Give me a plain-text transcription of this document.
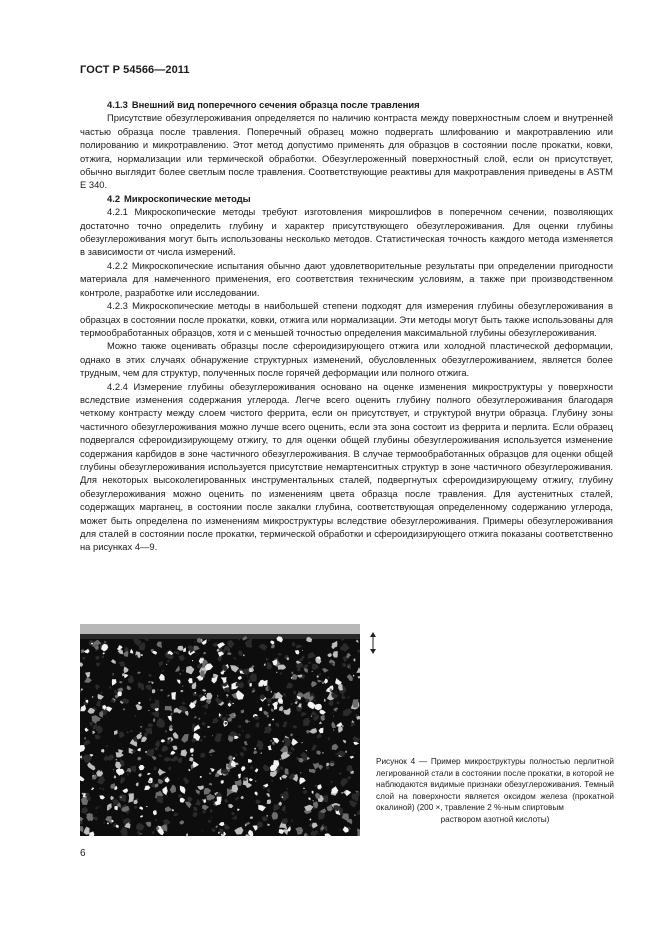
ГОСТ Р 54566—2011
4.1.3 Внешний вид поперечного сечения образца после травления

Присутствие обезуглероживания определяется по наличию контраста между поверхностным слоем и внутренней частью образца после травления. Поперечный образец можно подвергать шлифованию и макротравлению или полированию и микротравлению. Этот метод допустимо применять для образцов в состоянии после прокатки, ковки, отжига, нормализации или термической обработки. Обезуглероженный поверхностный слой, если он присутствует, обычно выглядит более светлым после травления. Соответствующие реактивы для макротравления приведены в ASTM E 340.

4.2 Микроскопические методы

4.2.1 Микроскопические методы требуют изготовления микрошлифов в поперечном сечении, позволяющих достаточно точно определить глубину и характер присутствующего обезуглероживания. Для оценки глубины обезуглероживания могут быть использованы несколько методов. Статистическая точность каждого метода изменяется в зависимости от числа измерений.

4.2.2 Микроскопические испытания обычно дают удовлетворительные результаты при определении пригодности материала для намеченного применения, его соответствия техническим условиям, а также при производственном контроле, разработке или исследовании.

4.2.3 Микроскопические методы в наибольшей степени подходят для измерения глубины обезуглероживания в образцах в состоянии после прокатки, ковки, отжига или нормализации. Эти методы могут быть также использованы для термообработанных образцов, хотя и с меньшей точностью определения максимальной глубины обезуглероживания.

Можно также оценивать образцы после сфероидизирующего отжига или холодной пластической деформации, однако в этих случаях обнаружение структурных изменений, обусловленных обезуглероживанием, является более трудным, чем для структур, полученных после горячей деформации или полного отжига.

4.2.4 Измерение глубины обезуглероживания основано на оценке изменения микроструктуры у поверхности вследствие изменения содержания углерода. Легче всего оценить глубину полного обезуглероживания благодаря четкому контрасту между слоем чистого феррита, если он присутствует, и структурой внутри образца. Глубину зоны частичного обезуглероживания можно лучше всего оценить, если эта зона состоит из феррита и перлита. Если образец подвергался сфероидизирующему отжигу, то для оценки общей глубины обезуглероживания используется изменение содержания карбидов в зоне частичного обезуглероживания. В случае термообработанных образцов для оценки общей глубины обезуглероживания используется присутствие немартенситных структур в зоне частичного обезуглероживания. Для некоторых высоколегированных инструментальных сталей, подвергнутых сфероидизирующему отжигу, глубину обезуглероживания можно оценить по изменениям цвета образца после травления. Для аустенитных сталей, содержащих марганец, в состоянии после закалки глубина, соответствующая определенному содержанию углерода, может быть определена по изменениям микроструктуры вследствие обезуглероживания. Примеры обезуглероживания для сталей в состоянии после прокатки, термической обработки и сфероидизирующего отжига показаны соответственно на рисунках 4—9.

Рисунок 4 — Пример микроструктуры полностью перлитной легированной стали в состоянии после прокатки, в которой не наблюдаются видимые признаки обезуглероживания. Темный слой на поверхности является оксидом железа (прокатной окалиной) (200 ×, травление 2 %-ным спиртовым
раствором азотной кислоты)
6
